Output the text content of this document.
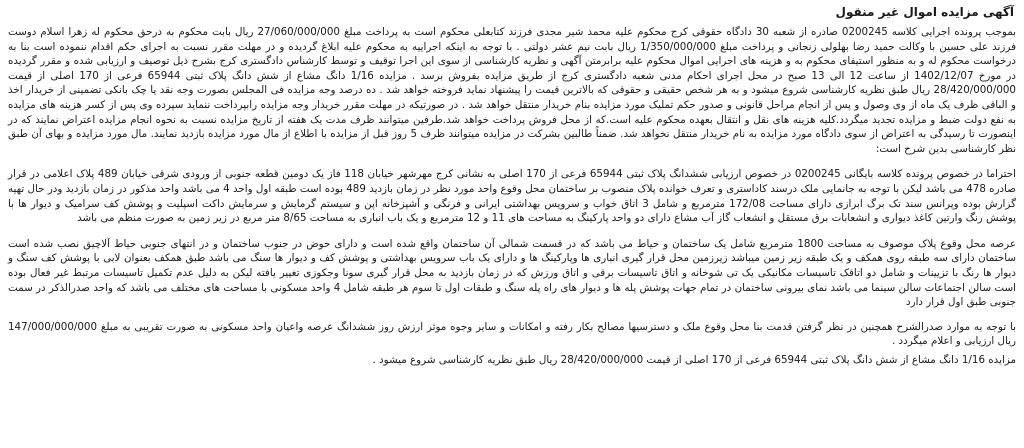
آگهی مزایده اموال غیر منقول

بموجب پرونده اجرایی کلاسه 0200245 صادره از شعبه 30 دادگاه حقوقی کرج محکوم علیه محمد شیر مجدی فرزند کتابعلی محکوم است به پرداخت مبلغ 27/060/000/000 ریال بابت محکوم به درحق محکوم له زهرا اسلام دوست فرزند علی حسین با وکالت حمید رضا بهلولی زنجانی و پرداخت مبلغ 1/350/000/000 ریال بابت نیم عشر دولتی . با توجه به اینکه اجراییه به محکوم علیه ابلاغ گردیده و در مهلت مقرر نسبت به اجرای حکم اقدام ننموده است بنا به درخواست محکوم له و به منظور استیفای محکوم به و هزینه های اجرایی اموال محکوم علیه برابرمتن آگهی و نظریه کارشناسی از سوی این اجرا توقیف و توسط کارشناس دادگستری کرج بشرح ذیل توصیف و ارزیابی شده و مقرر گردیده در مورخ 1402/12/07 از ساعت 12 الی 13 صبح در محل اجرای احکام مدنی شعبه دادگستری کرج از طریق مزایده بفروش برسد . مزایده 1/16 دانگ مشاع از شش دانگ پلاک ثبتی 65944 فرعی از 170 اصلی از قیمت 28/420/000/000 ریال طبق نظریه کارشناسی شروع میشود و به هر شخص حقیقی و حقوقی که بالاترین قیمت را پیشنهاد نماید فروخته خواهد شد . ده درصد وجه مزایده فی المجلس بصورت وجه نقد یا چک بانکی تضمینی از خریدار اخذ و الباقی ظرف یک ماه از وی وصول و پس از انجام مراحل قانونی و صدور حکم تملیک مورد مزایده بنام خریدار منتقل خواهد شد . در صورتیکه در مهلت مقرر خریدار وجه مزایده رابپرداخت ننماید سپرده وی پس از کسر هزینه های مزایده به نفع دولت ضبط و مزایده تجدید میگردد.کلیه هزینه های نقل و انتقال بعهده محکوم علیه است.که از محل فروش پرداخت خواهد شد.طرفین میتوانند ظرف مدت یک هفته از تاریخ مزایده نسبت به نحوه انجام مزایده اعتراض نمایند که در اینصورت تا رسیدگی به اعتراض از سوی دادگاه مورد مزایده به نام خریدار منتقل نخواهد شد. ضمناً طالبین بشرکت در مزایده میتوانند ظرف 5 روز قبل از مزایده با اطلاع از مال مورد مزایده بازدید نمایند. مال مورد مزایده و بهای آن طبق نظر کارشناسی بدین شرح است:

احتراما در خصوص پرونده کلاسه بایگانی 0200245 در خصوص ارزیابی ششدانگ پلاک ثبتی 65944 فرعی از 170 اصلی به نشانی کرج مهرشهر خیابان 118 فاز یک دومین قطعه جنوبی از ورودی شرقی خیابان 489 پلاک اعلامی در قرار صادره 478 می باشد لیکن با توجه به جانمایی ملک درسند کاداستری و تعرف خوانده پلاک منصوب بر ساختمان محل وقوع واحد مورد نظر در زمان بازدید 489 بوده است طبقه اول واحد 4 می باشد واحد مذکور در زمان بازدید ودر حال تهیه گزارش بوده وپرانس سند تک برگ ابرازی دارای مساحت 172/08 مترمربع و شامل 3 اتاق خواب و سرویس بهداشتی ایرانی و فرنگی و آشپزخانه اپن و سیستم گرمایش و سرمایش داکت اسپلیت و پوشش کف سرامیک و دیوار ها با پوشش رنگ وارتین کاغذ دیواری و انشعابات برق مستقل و انشعاب گاز آب مشاع دارای دو واحد پارکینگ به مساحت های 11 و 12 مترمربع و یک باب انباری به مساحت 8/65 متر مربع در زیر زمین به صورت منظم می باشد

عرصه محل وقوع پلاک موصوف به مساحت 1800 مترمربع شامل یک ساختمان و حیاط می باشد که در قسمت شمالی آن ساختمان واقع شده است و دارای حوض در جنوب ساختمان و در انتهای جنوبی حیاط آلاچیق نصب شده است ساختمان دارای سه طبقه روی همکف و یک طبقه زیر زمین میباشد زیرزمین محل قرار گیری انباری ها وپارکینگ ها و دارای یک باب سرویس بهداشتی و پوشش کف و دیوار ها سنگ می باشد طبق همکف بعنوان لابی با پوشش کف سنگ و دیوار ها رنگ با تزیینات و شامل دو اتاقک تاسیسات مکانیکی یک تی شوخانه و اتاق تاسیسات برقی و اتاق ورزش که در زمان بازدید به محل قرار گیری سونا وجکوزی تغییر یافته لیکن به دلیل عدم تکمیل تاسیسات مرتبط غیر فعال بوده است سالن اجتماعات سالن سینما می باشد نمای بیرونی ساختمان در تمام جهات پوشش پله ها و دیوار های راه پله سنگ و طبقات اول تا سوم هر طبقه شامل 4 واحد مسکونی با مساحت های مختلف می باشد که واحد صدرالذکر در سمت جنوبی طبق اول قرار دارد

با توجه به موارد صدرالشرح همچنین در نظر گرفتن قدمت بنا محل وقوع ملک و دسترسیها مصالح بکار رفته و امکانات و سایر وجوه موثر ارزش روز ششدانگ عرصه واعیان واحد مسکونی به صورت تقریبی به مبلغ 147/000/000/000 ریال ارزیابی و اعلام میگردد .

مزایده 1/16 دانگ مشاع از شش دانگ پلاک ثبتی 65944 فرعی از 170 اصلی از قیمت 28/420/000/000 ریال طبق نظریه کارشناسی شروع میشود .
